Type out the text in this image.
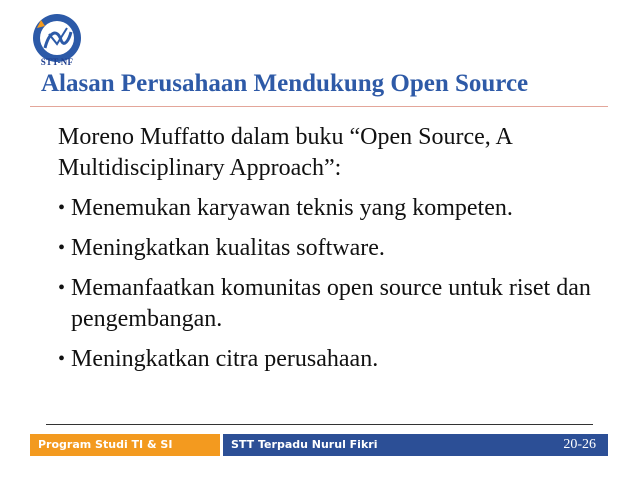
STT-NF
Alasan Perusahaan Mendukung Open Source

Moreno Muffatto dalam buku “Open Source, A Multidisciplinary Approach”:

• Menemukan karyawan teknis yang kompeten.
• Meningkatkan kualitas software.
• Memanfaatkan komunitas open source untuk riset dan pengembangan.
• Meningkatkan citra perusahaan.
Program Studi TI & SI	STT Terpadu Nurul Fikri	20-26
